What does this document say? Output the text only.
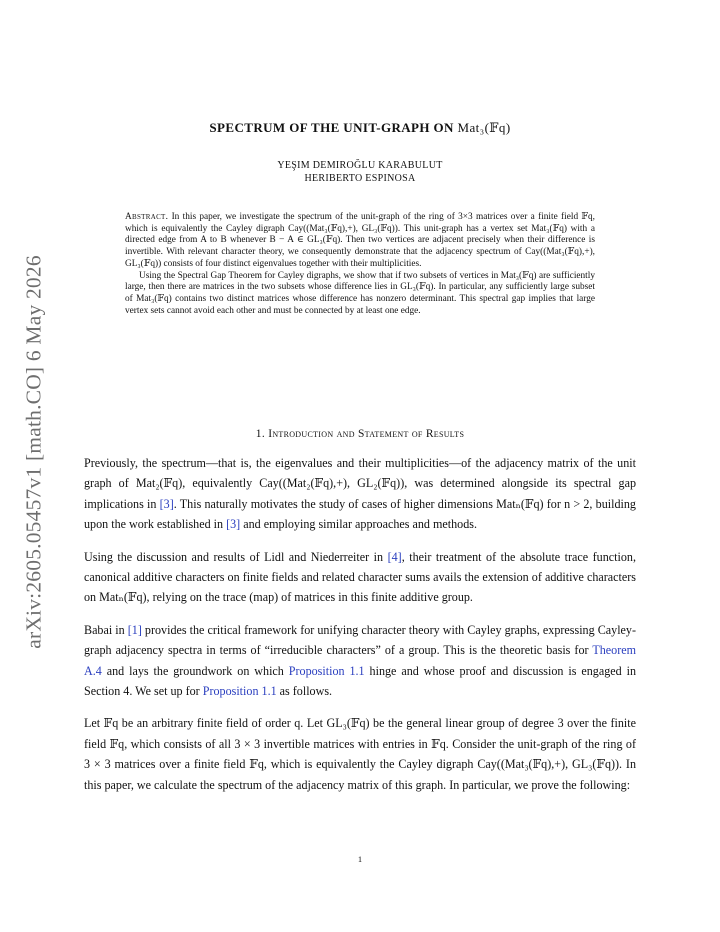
arXiv:2605.05457v1 [math.CO] 6 May 2026
SPECTRUM OF THE UNIT-GRAPH ON Mat₃(𝔽q)
YEŞIM DEMIROĞLU KARABULUT
HERIBERTO ESPINOSA

Abstract. In this paper, we investigate the spectrum of the unit-graph of the ring of 3×3 matrices over a finite field 𝔽q, which is equivalently the Cayley digraph Cay((Mat₃(𝔽q),+), GL₃(𝔽q)). This unit-graph has a vertex set Mat₃(𝔽q) with a directed edge from A to B whenever B − A ∈ GL₃(𝔽q). Then two vertices are adjacent precisely when their difference is invertible. With relevant character theory, we consequently demonstrate that the adjacency spectrum of Cay((Mat₃(𝔽q),+), GL₃(𝔽q)) consists of four distinct eigenvalues together with their multiplicities.

Using the Spectral Gap Theorem for Cayley digraphs, we show that if two subsets of vertices in Mat₃(𝔽q) are sufficiently large, then there are matrices in the two subsets whose difference lies in GL₃(𝔽q). In particular, any sufficiently large subset of Mat₃(𝔽q) contains two distinct matrices whose difference has nonzero determinant. This spectral gap implies that large vertex sets cannot avoid each other and must be connected by at least one edge.

1. Introduction and Statement of Results

Previously, the spectrum—that is, the eigenvalues and their multiplicities—of the adjacency matrix of the unit graph of Mat₂(𝔽q), equivalently Cay((Mat₂(𝔽q),+), GL₂(𝔽q)), was determined alongside its spectral gap implications in [3]. This naturally motivates the study of cases of higher dimensions Matₙ(𝔽q) for n > 2, building upon the work established in [3] and employing similar approaches and methods.

Using the discussion and results of Lidl and Niederreiter in [4], their treatment of the absolute trace function, canonical additive characters on finite fields and related character sums avails the extension of additive characters on Matₙ(𝔽q), relying on the trace (map) of matrices in this finite additive group.

Babai in [1] provides the critical framework for unifying character theory with Cayley graphs, expressing Cayley-graph adjacency spectra in terms of “irreducible characters” of a group. This is the theoretic basis for Theorem A.4 and lays the groundwork on which Proposition 1.1 hinge and whose proof and discussion is engaged in Section 4. We set up for Proposition 1.1 as follows.

Let 𝔽q be an arbitrary finite field of order q. Let GL₃(𝔽q) be the general linear group of degree 3 over the finite field 𝔽q, which consists of all 3 × 3 invertible matrices with entries in 𝔽q. Consider the unit-graph of the ring of 3 × 3 matrices over a finite field 𝔽q, which is equivalently the Cayley digraph Cay((Mat₃(𝔽q),+), GL₃(𝔽q)). In this paper, we calculate the spectrum of the adjacency matrix of this graph. In particular, we prove the following:

1
